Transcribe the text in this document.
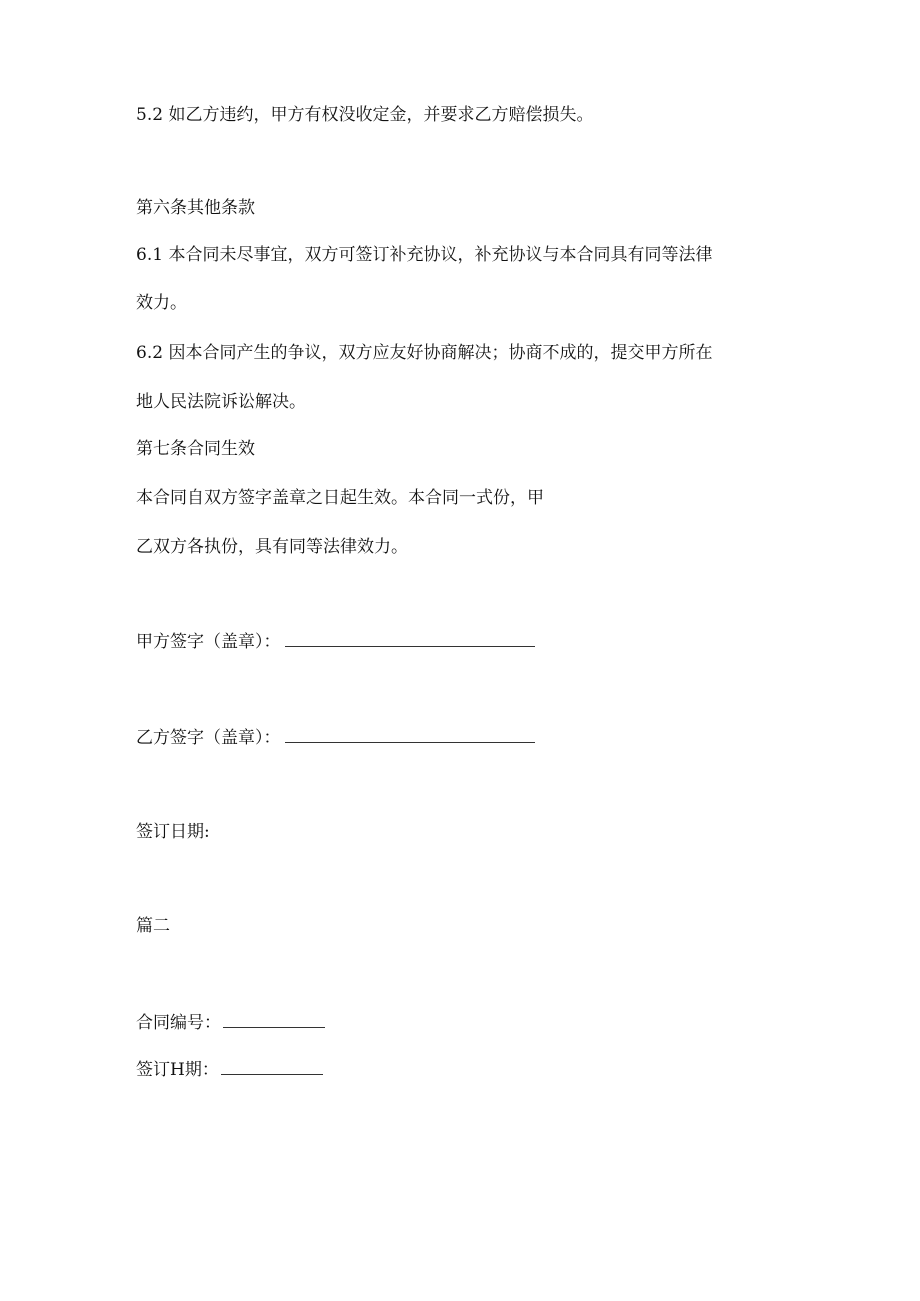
5.2 如乙方违约，甲方有权没收定金，并要求乙方赔偿损失。
第六条其他条款
6.1 本合同未尽事宜，双方可签订补充协议，补充协议与本合同具有同等法律
效力。
6.2 因本合同产生的争议，双方应友好协商解决；协商不成的，提交甲方所在
地人民法院诉讼解决。
第七条合同生效
本合同自双方签字盖章之日起生效。本合同一式份，甲
乙双方各执份，具有同等法律效力。
甲方签字（盖章）：
乙方签字（盖章）：
签订日期:
篇二
合同编号：
签订H期：
